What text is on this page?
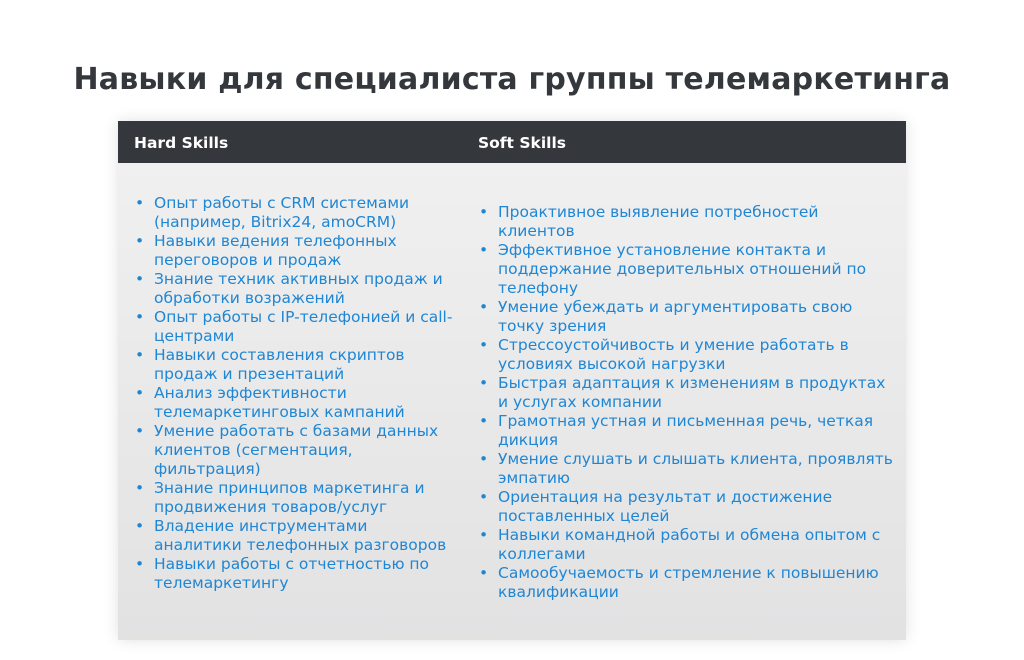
Навыки для специалиста группы телемаркетинга
Hard Skills	Soft Skills
• Опыт работы с CRM системами (например, Bitrix24, amoCRM)
• Навыки ведения телефонных переговоров и продаж
• Знание техник активных продаж и обработки возражений
• Опыт работы с IP-телефонией и call-центрами
• Навыки составления скриптов продаж и презентаций
• Анализ эффективности телемаркетинговых кампаний
• Умение работать с базами данных клиентов (сегментация, фильтрация)
• Знание принципов маркетинга и продвижения товаров/услуг
• Владение инструментами аналитики телефонных разговоров
• Навыки работы с отчетностью по телемаркетингу
• Проактивное выявление потребностей клиентов
• Эффективное установление контакта и поддержание доверительных отношений по телефону
• Умение убеждать и аргументировать свою точку зрения
• Стрессоустойчивость и умение работать в условиях высокой нагрузки
• Быстрая адаптация к изменениям в продуктах и услугах компании
• Грамотная устная и письменная речь, четкая дикция
• Умение слушать и слышать клиента, проявлять эмпатию
• Ориентация на результат и достижение поставленных целей
• Навыки командной работы и обмена опытом с коллегами
• Самообучаемость и стремление к повышению квалификации
